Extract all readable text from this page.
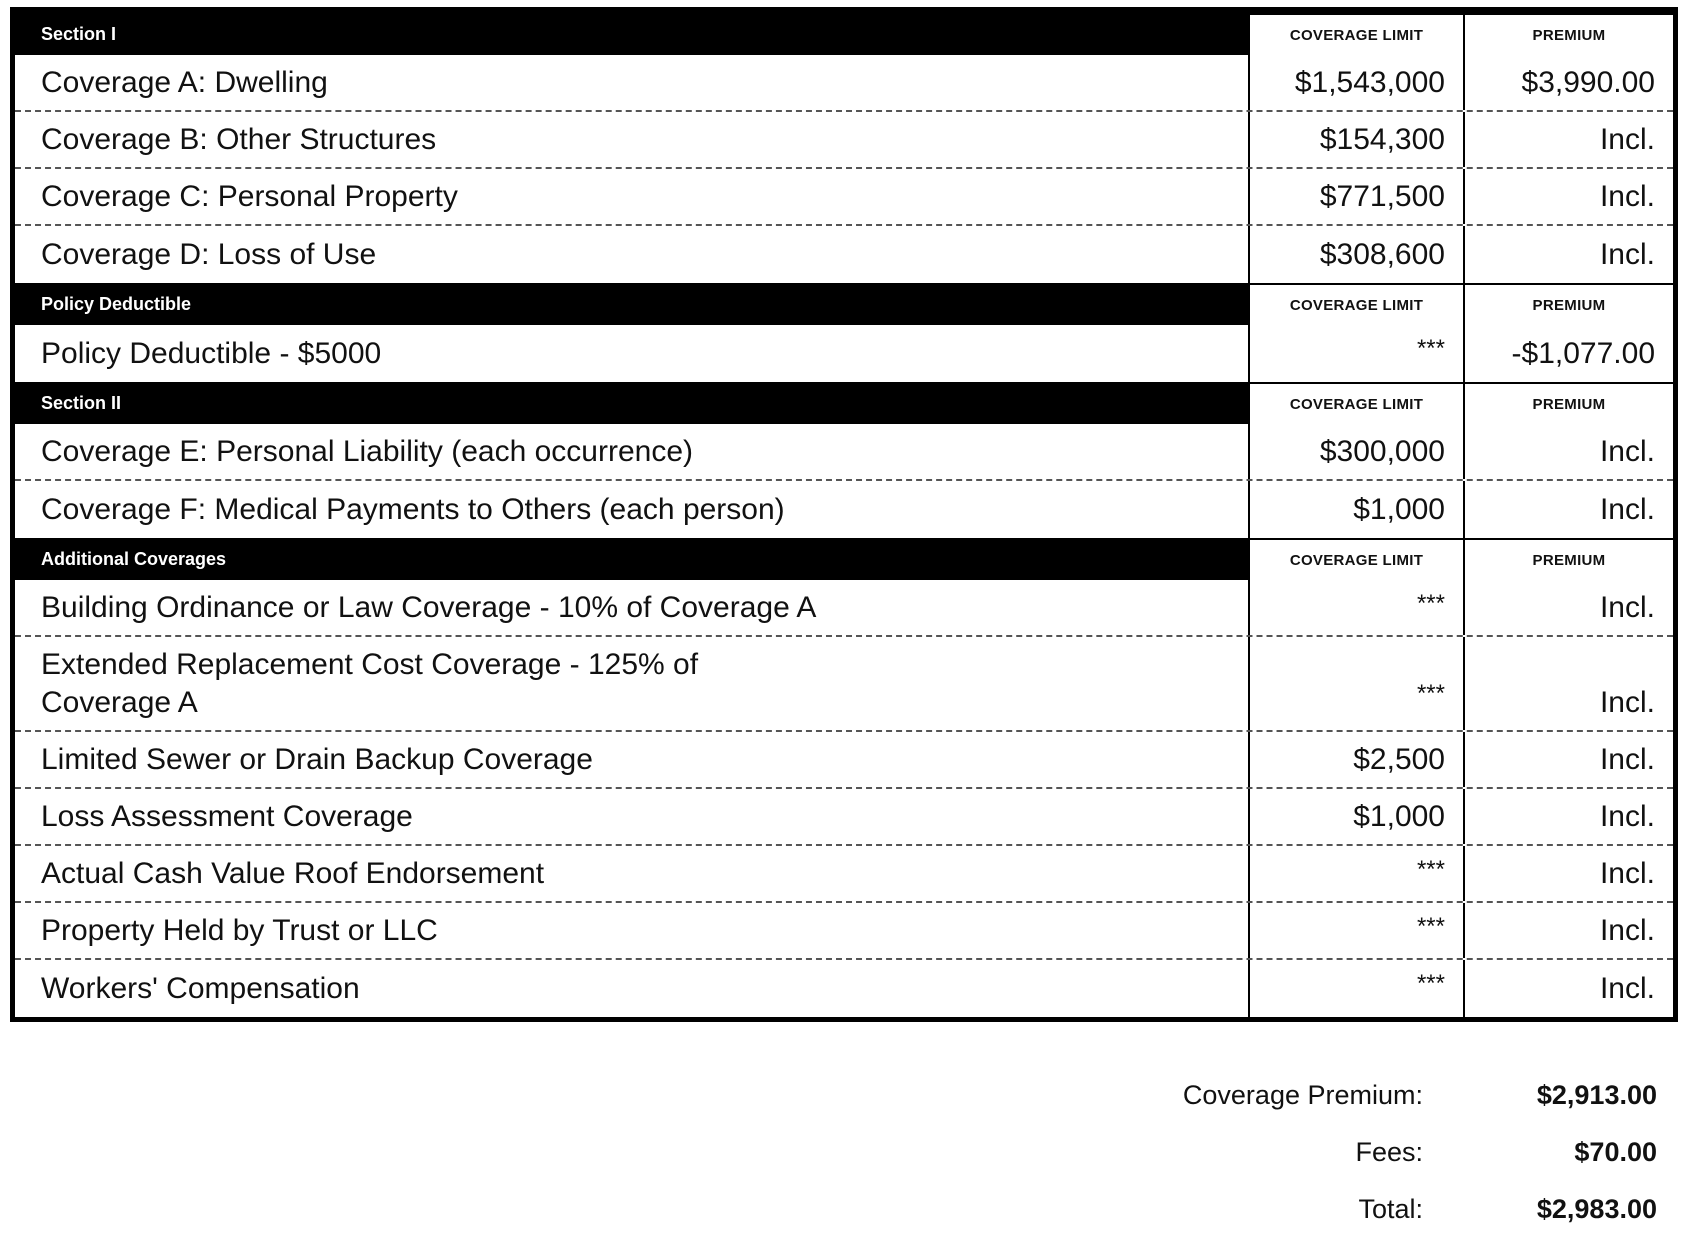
Section I	COVERAGE LIMIT	PREMIUM
Coverage A: Dwelling	$1,543,000	$3,990.00
Coverage B: Other Structures	$154,300	Incl.
Coverage C: Personal Property	$771,500	Incl.
Coverage D: Loss of Use	$308,600	Incl.
Policy Deductible	COVERAGE LIMIT	PREMIUM
Policy Deductible - $5000	***	-$1,077.00
Section II	COVERAGE LIMIT	PREMIUM
Coverage E: Personal Liability (each occurrence)	$300,000	Incl.
Coverage F: Medical Payments to Others (each person)	$1,000	Incl.
Additional Coverages	COVERAGE LIMIT	PREMIUM
Building Ordinance or Law Coverage - 10% of Coverage A	***	Incl.
Extended Replacement Cost Coverage - 125% of Coverage A	***	Incl.
Limited Sewer or Drain Backup Coverage	$2,500	Incl.
Loss Assessment Coverage	$1,000	Incl.
Actual Cash Value Roof Endorsement	***	Incl.
Property Held by Trust or LLC	***	Incl.
Workers' Compensation	***	Incl.
Coverage Premium:	$2,913.00
Fees:	$70.00
Total:	$2,983.00
